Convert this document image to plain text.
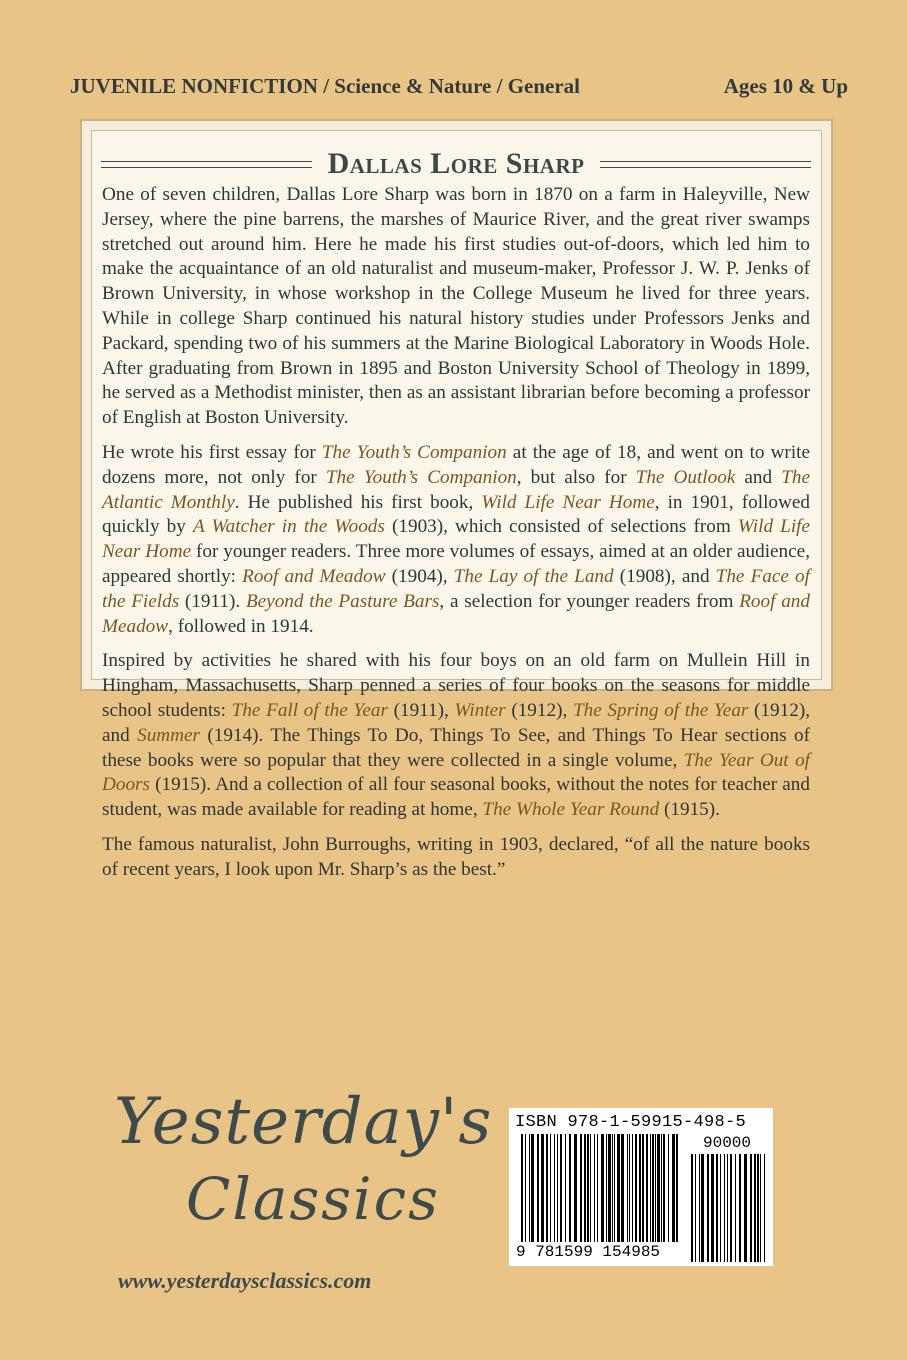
JUVENILE NONFICTION / Science & Nature / General	Ages 10 & Up
Dallas Lore Sharp

One of seven children, Dallas Lore Sharp was born in 1870 on a farm in Haleyville, New Jersey, where the pine barrens, the marshes of Maurice River, and the great river swamps stretched out around him. Here he made his first studies out-of-doors, which led him to make the acquaintance of an old naturalist and museum-maker, Professor J. W. P. Jenks of Brown University, in whose workshop in the College Museum he lived for three years. While in college Sharp continued his natural history studies under Professors Jenks and Packard, spending two of his summers at the Marine Biological Laboratory in Woods Hole. After graduating from Brown in 1895 and Boston University School of Theology in 1899, he served as a Methodist minister, then as an assistant librarian before becoming a professor of English at Boston University.

He wrote his first essay for The Youth’s Companion at the age of 18, and went on to write dozens more, not only for The Youth’s Companion, but also for The Outlook and The Atlantic Monthly. He published his first book, Wild Life Near Home, in 1901, followed quickly by A Watcher in the Woods (1903), which consisted of selections from Wild Life Near Home for younger readers. Three more volumes of essays, aimed at an older audience, appeared shortly: Roof and Meadow (1904), The Lay of the Land (1908), and The Face of the Fields (1911). Beyond the Pasture Bars, a selection for younger readers from Roof and Meadow, followed in 1914.

Inspired by activities he shared with his four boys on an old farm on Mullein Hill in Hingham, Massachusetts, Sharp penned a series of four books on the seasons for middle school students: The Fall of the Year (1911), Winter (1912), The Spring of the Year (1912), and Summer (1914). The Things To Do, Things To See, and Things To Hear sections of these books were so popular that they were collected in a single volume, The Year Out of Doors (1915). And a collection of all four seasonal books, without the notes for teacher and student, was made available for reading at home, The Whole Year Round (1915).

The famous naturalist, John Burroughs, writing in 1903, declared, “of all the nature books of recent years, I look upon Mr. Sharp’s as the best.”

Yesterday's
Classics
www.yesterdaysclassics.com
ISBN 978-1-59915-498-5
90000
9 781599 154985
